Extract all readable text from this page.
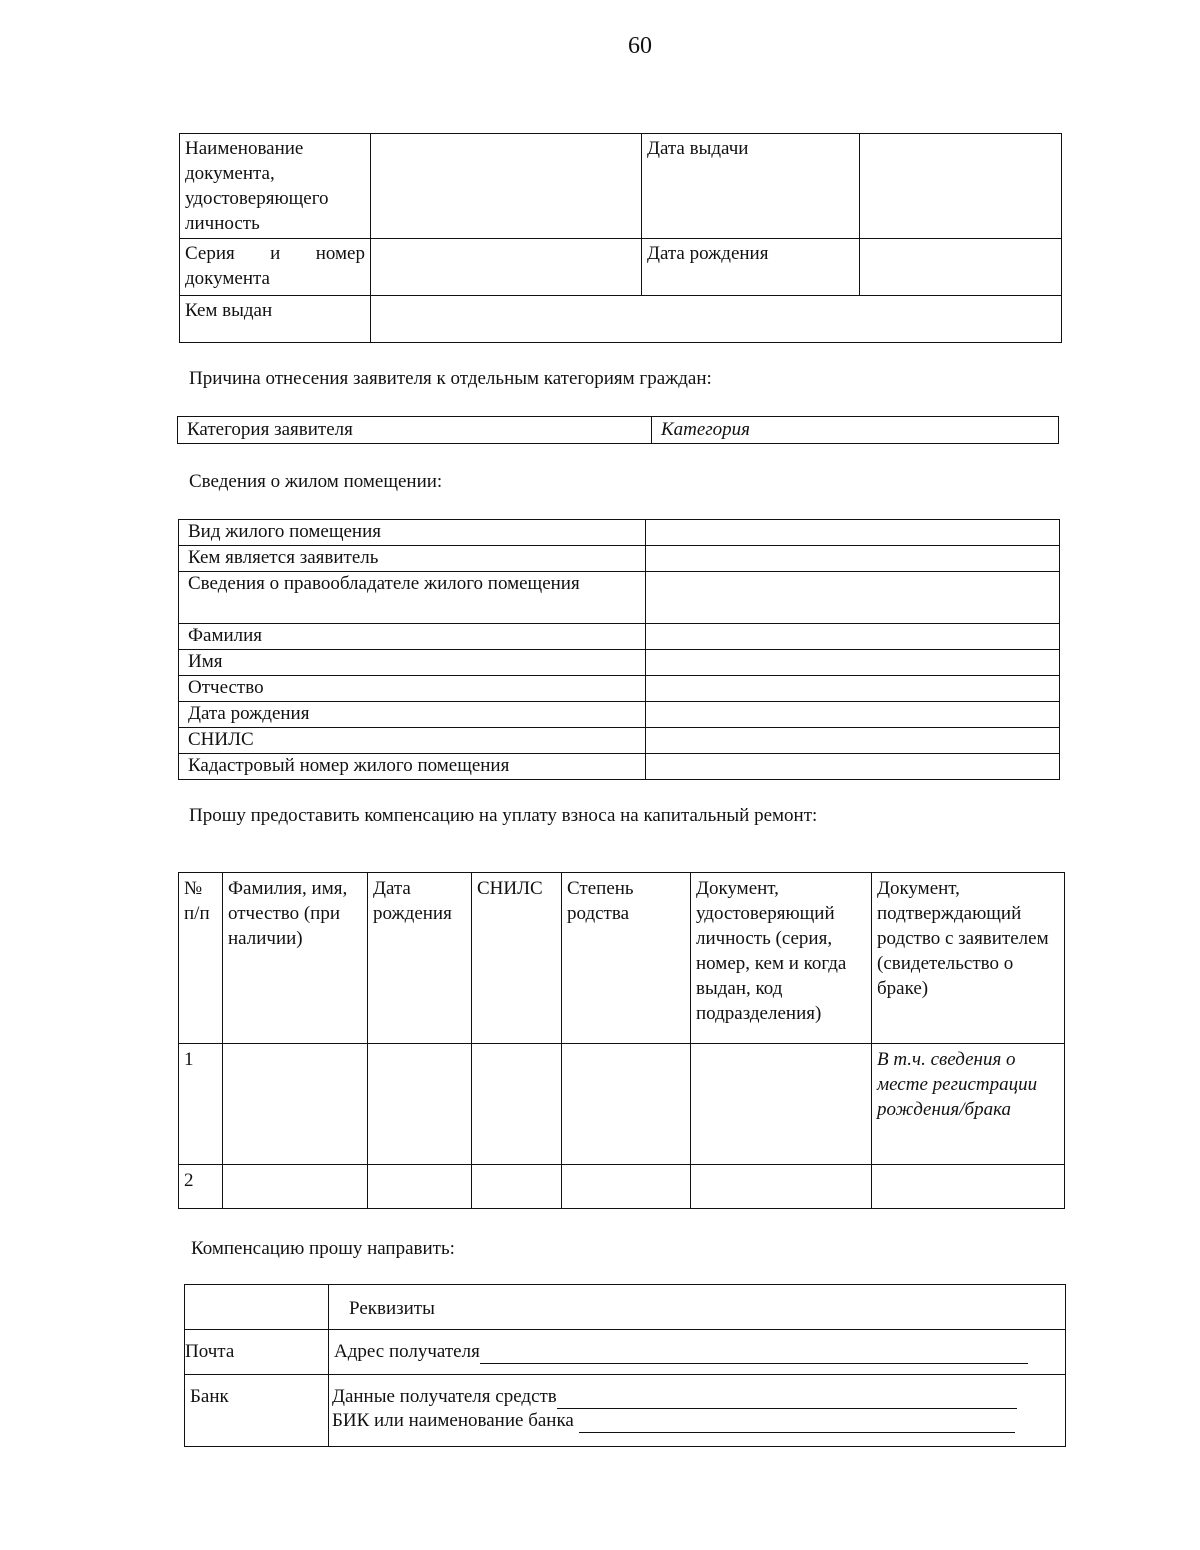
60
Наименование документа, удостоверяющего личность		Дата выдачи	
Серия и номер документа		Дата рождения	
Кем выдан			
Причина отнесения заявителя к отдельным категориям граждан:
Категория заявителя	Категория
Сведения о жилом помещении:
Вид жилого помещения	
Кем является заявитель	
Сведения о правообладателе жилого помещения	
Фамилия	
Имя	
Отчество	
Дата рождения	
СНИЛС	
Кадастровый номер жилого помещения	
Прошу предоставить компенсацию на уплату взноса на капитальный ремонт:
№ п/п	Фамилия, имя, отчество (при наличии)	Дата рождения	СНИЛС	Степень родства	Документ, удостоверяющий личность (серия, номер, кем и когда выдан, код подразделения)	Документ, подтверждающий родство с заявителем (свидетельство о браке)
1						В т.ч. сведения о месте регистрации рождения/брака
2						
Компенсацию прошу направить:
	Реквизиты
Почта	Адрес получателя
Банк	Данные получателя средств
БИК или наименование банка
